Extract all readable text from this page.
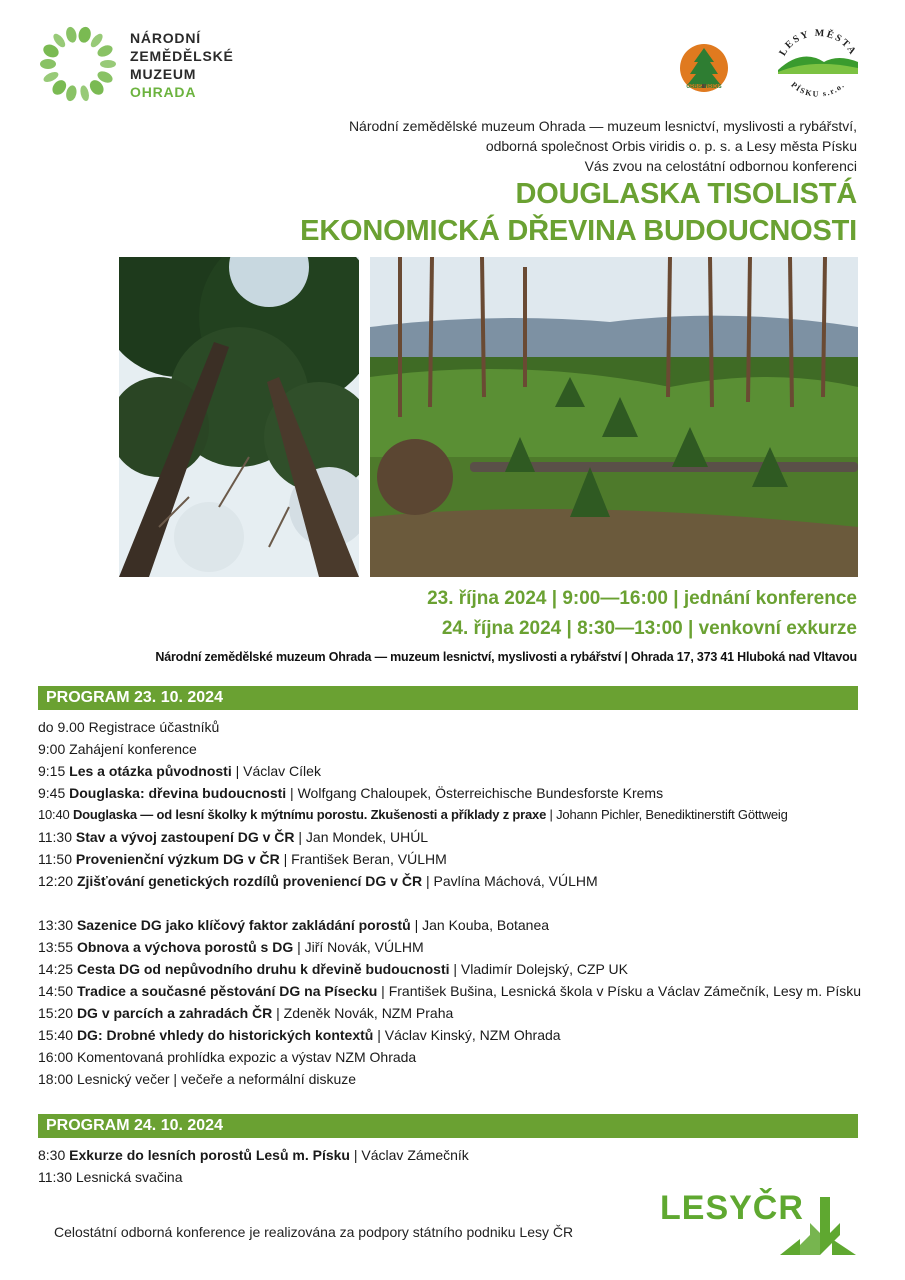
NÁRODNÍ
ZEMĚDĚLSKÉ
MUZEUM
OHRADA	ORBIS VIRIDIS
LESY MĚSTA
PÍSKU s.r.o.
Národní zemědělské muzeum Ohrada — muzeum lesnictví, myslivosti a rybářství,
odborná společnost Orbis viridis o. p. s. a Lesy města Písku
Vás zvou na celostátní odbornou konferenci
DOUGLASKA TISOLISTÁ
EKONOMICKÁ DŘEVINA BUDOUCNOSTI
23. října 2024 | 9:00—16:00 | jednání konference
24. října 2024 | 8:30—13:00 | venkovní exkurze
Národní zemědělské muzeum Ohrada — muzeum lesnictví, myslivosti a rybářství | Ohrada 17, 373 41 Hluboká nad Vltavou
PROGRAM 23. 10. 2024
do 9.00 Registrace účastníků
9:00 Zahájení konference
9:15 Les a otázka původnosti | Václav Cílek
9:45 Douglaska: dřevina budoucnosti | Wolfgang Chaloupek, Österreichische Bundesforste Krems
10:40 Douglaska — od lesní školky k mýtnímu porostu. Zkušenosti a příklady z praxe | Johann Pichler, Benediktinerstift Göttweig
11:30 Stav a vývoj zastoupení DG v ČR | Jan Mondek, UHÚL
11:50 Provenienční výzkum DG v ČR | František Beran, VÚLHM
12:20 Zjišťování genetických rozdílů proveniencí DG v ČR | Pavlína Máchová, VÚLHM
13:30 Sazenice DG jako klíčový faktor zakládání porostů | Jan Kouba, Botanea
13:55 Obnova a výchova porostů s DG | Jiří Novák, VÚLHM
14:25 Cesta DG od nepůvodního druhu k dřevině budoucnosti | Vladimír Dolejský, CZP UK
14:50 Tradice a současné pěstování DG na Písecku | František Bušina, Lesnická škola v Písku a Václav Zámečník, Lesy m. Písku
15:20 DG v parcích a zahradách ČR | Zdeněk Novák, NZM Praha
15:40 DG: Drobné vhledy do historických kontextů | Václav Kinský, NZM Ohrada
16:00 Komentovaná prohlídka expozic a výstav NZM Ohrada
18:00 Lesnický večer | večeře a neformální diskuze
PROGRAM 24. 10. 2024
8:30 Exkurze do lesních porostů Lesů m. Písku | Václav Zámečník
11:30 Lesnická svačina
Celostátní odborná konference je realizována za podpory státního podniku Lesy ČR
LESYČR
